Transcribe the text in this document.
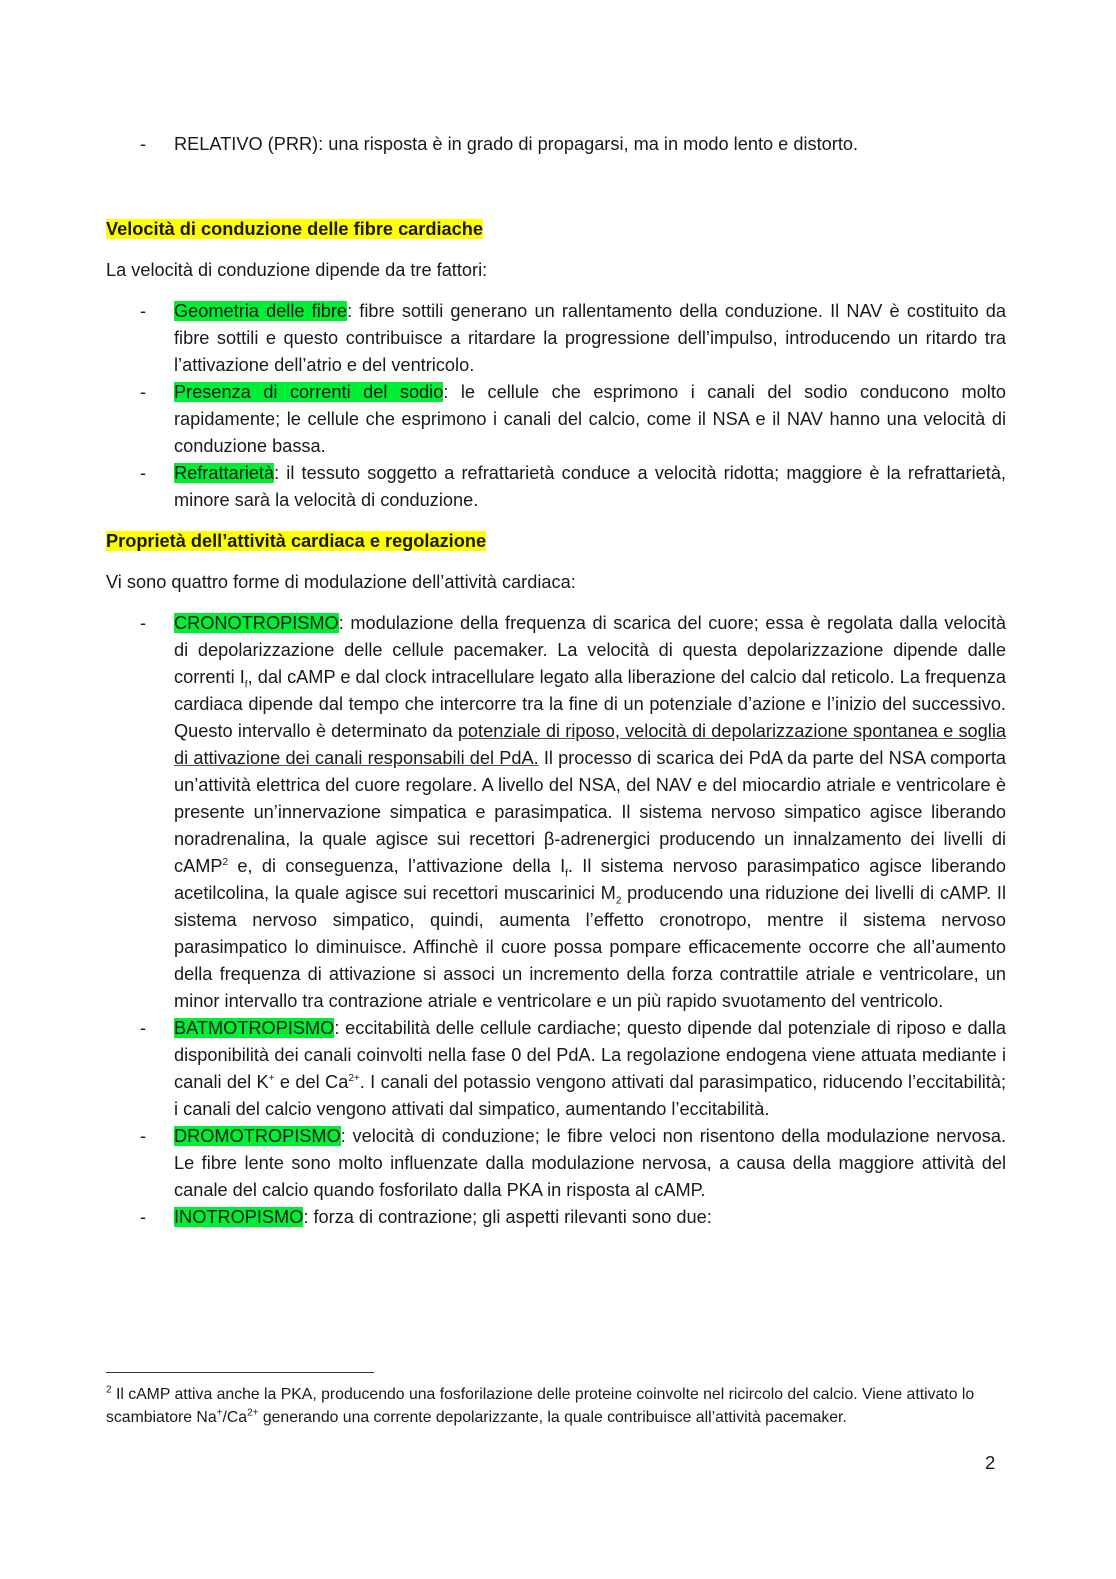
- RELATIVO (PRR): una risposta è in grado di propagarsi, ma in modo lento e distorto.

Velocità di conduzione delle fibre cardiache

La velocità di conduzione dipende da tre fattori:

- Geometria delle fibre: fibre sottili generano un rallentamento della conduzione. Il NAV è costituito da fibre sottili e questo contribuisce a ritardare la progressione dell’impulso, introducendo un ritardo tra l’attivazione dell’atrio e del ventricolo.

- Presenza di correnti del sodio: le cellule che esprimono i canali del sodio conducono molto rapidamente; le cellule che esprimono i canali del calcio, come il NSA e il NAV hanno una velocità di conduzione bassa.

- Refrattarietà: il tessuto soggetto a refrattarietà conduce a velocità ridotta; maggiore è la refrattarietà, minore sarà la velocità di conduzione.

Proprietà dell’attività cardiaca e regolazione

Vi sono quattro forme di modulazione dell’attività cardiaca:

- CRONOTROPISMO: modulazione della frequenza di scarica del cuore; essa è regolata dalla velocità di depolarizzazione delle cellule pacemaker. La velocità di questa depolarizzazione dipende dalle correnti $I_f$, dal cAMP e dal clock intracellulare legato alla liberazione del calcio dal reticolo. La frequenza cardiaca dipende dal tempo che intercorre tra la fine di un potenziale d’azione e l’inizio del successivo. Questo intervallo è determinato da potenziale di riposo, velocità di depolarizzazione spontanea e soglia di attivazione dei canali responsabili del PdA. Il processo di scarica dei PdA da parte del NSA comporta un’attività elettrica del cuore regolare. A livello del NSA, del NAV e del miocardio atriale e ventricolare è presente un’innervazione simpatica e parasimpatica. Il sistema nervoso simpatico agisce liberando noradrenalina, la quale agisce sui recettori β-adrenergici producendo un innalzamento dei livelli di cAMP$^2$ e, di conseguenza, l’attivazione della $I_f$. Il sistema nervoso parasimpatico agisce liberando acetilcolina, la quale agisce sui recettori muscarinici $M_2$ producendo una riduzione dei livelli di cAMP. Il sistema nervoso simpatico, quindi, aumenta l’effetto cronotropo, mentre il sistema nervoso parasimpatico lo diminuisce. Affinchè il cuore possa pompare efficacemente occorre che all’aumento della frequenza di attivazione si associ un incremento della forza contrattile atriale e ventricolare, un minor intervallo tra contrazione atriale e ventricolare e un più rapido svuotamento del ventricolo.

- BATMOTROPISMO: eccitabilità delle cellule cardiache; questo dipende dal potenziale di riposo e dalla disponibilità dei canali coinvolti nella fase 0 del PdA. La regolazione endogena viene attuata mediante i canali del K+ e del $Ca^{2+}$. I canali del potassio vengono attivati dal parasimpatico, riducendo l’eccitabilità; i canali del calcio vengono attivati dal simpatico, aumentando l’eccitabilità.

- DROMOTROPISMO: velocità di conduzione; le fibre veloci non risentono della modulazione nervosa. Le fibre lente sono molto influenzate dalla modulazione nervosa, a causa della maggiore attività del canale del calcio quando fosforilato dalla PKA in risposta al cAMP.

- INOTROPISMO: forza di contrazione; gli aspetti rilevanti sono due:

$^2$ Il cAMP attiva anche la PKA, producendo una fosforilazione delle proteine coinvolte nel ricircolo del calcio. Viene attivato lo scambiatore $Na^+/Ca^{2+}$ generando una corrente depolarizzante, la quale contribuisce all’attività pacemaker.
2
